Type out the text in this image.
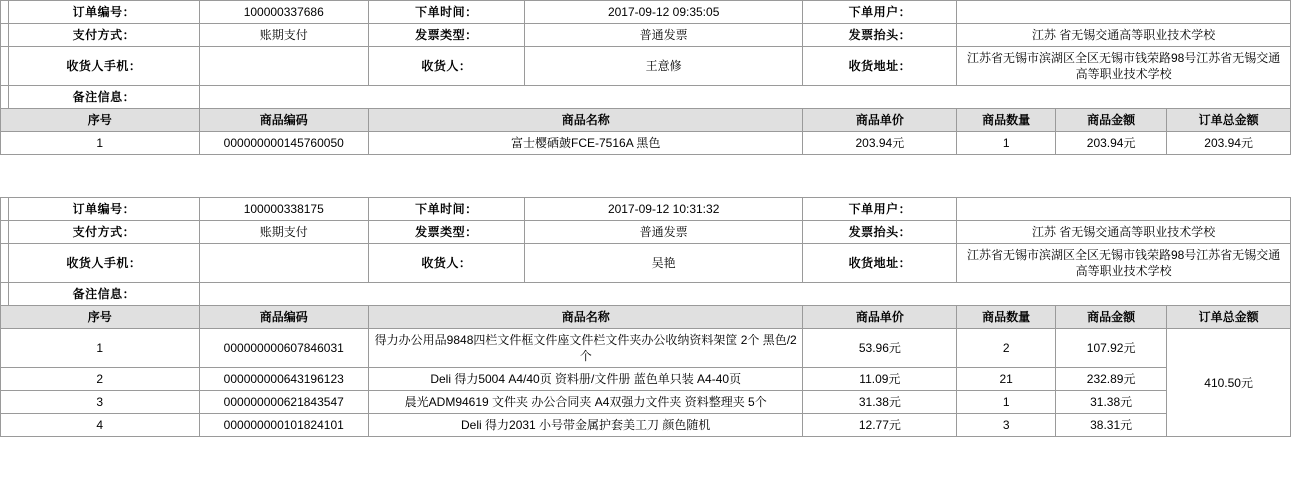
	订单编号：	100000337686	下单时间：	2017-09-12 09:35:05	下单用户：			
	支付方式：	账期支付	发票类型：	普通发票	发票抬头：	江苏 省无锡交通高等职业技术学校		
	收货人手机：		收货人：	王意修	收货地址：	江苏省无锡市滨湖区全区无锡市钱荣路98号江苏省无锡交通高等职业技术学校		
	备注信息：							
序号		商品编码	商品名称		商品单价	商品数量	商品金额	订单总金额
1		000000000145760050	富士樱硒皷FCE-7516A 黑色		203.94元	1	203.94元	203.94元
	订单编号：	100000338175	下单时间：	2017-09-12 10:31:32	下单用户：			
	支付方式：	账期支付	发票类型：	普通发票	发票抬头：	江苏 省无锡交通高等职业技术学校		
	收货人手机：		收货人：	吴艳	收货地址：	江苏省无锡市滨湖区全区无锡市钱荣路98号江苏省无锡交通高等职业技术学校		
	备注信息：							
序号		商品编码	商品名称		商品单价	商品数量	商品金额	订单总金额
1		000000000607846031	得力办公用品9848四栏文件框文件座文件栏文件夹办公收纳资料架筐 2个 黑色/2个		53.96元	2	107.92元	410.50元
2		000000000643196123	Deli 得力5004 A4/40页 资料册/文件册 蓝色单只装 A4-40页		11.09元	21	232.89元	
3		000000000621843547	晨光ADM94619 文件夹 办公合同夹 A4双强力文件夹 资料整理夹 5个		31.38元	1	31.38元	
4		000000000101824101	Deli 得力2031 小号带金属护套美工刀 颜色随机		12.77元	3	38.31元	
